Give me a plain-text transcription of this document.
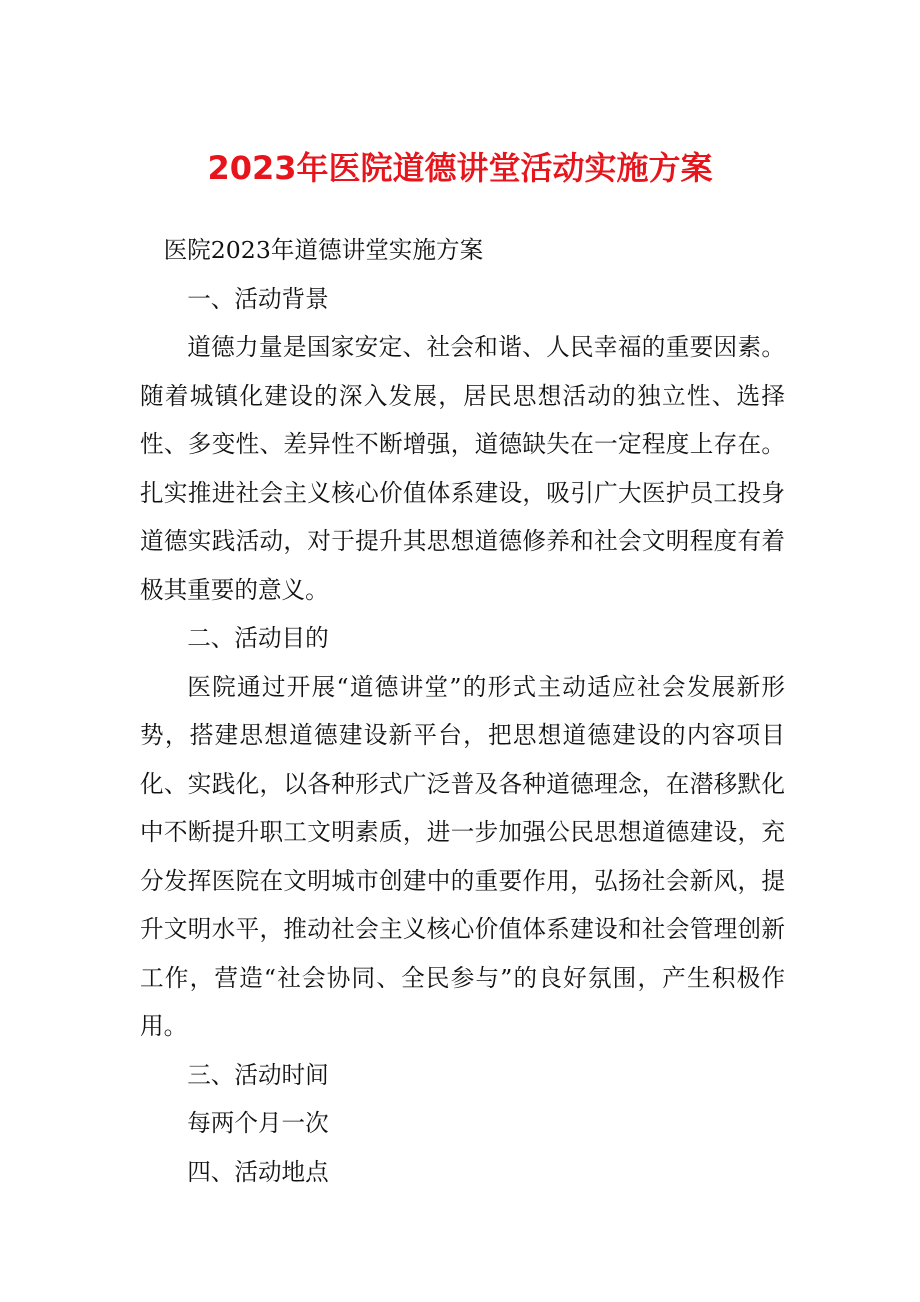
2023年医院道德讲堂活动实施方案

医院2023年道德讲堂实施方案

一、活动背景

道德力量是国家安定、社会和谐、人民幸福的重要因素。随着城镇化建设的深入发展，居民思想活动的独立性、选择性、多变性、差异性不断增强，道德缺失在一定程度上存在。扎实推进社会主义核心价值体系建设，吸引广大医护员工投身道德实践活动，对于提升其思想道德修养和社会文明程度有着极其重要的意义。

二、活动目的

医院通过开展“道德讲堂”的形式主动适应社会发展新形势，搭建思想道德建设新平台，把思想道德建设的内容项目化、实践化，以各种形式广泛普及各种道德理念，在潜移默化中不断提升职工文明素质，进一步加强公民思想道德建设，充分发挥医院在文明城市创建中的重要作用，弘扬社会新风，提升文明水平，推动社会主义核心价值体系建设和社会管理创新工作，营造“社会协同、全民参与”的良好氛围，产生积极作用。

三、活动时间

每两个月一次

四、活动地点
